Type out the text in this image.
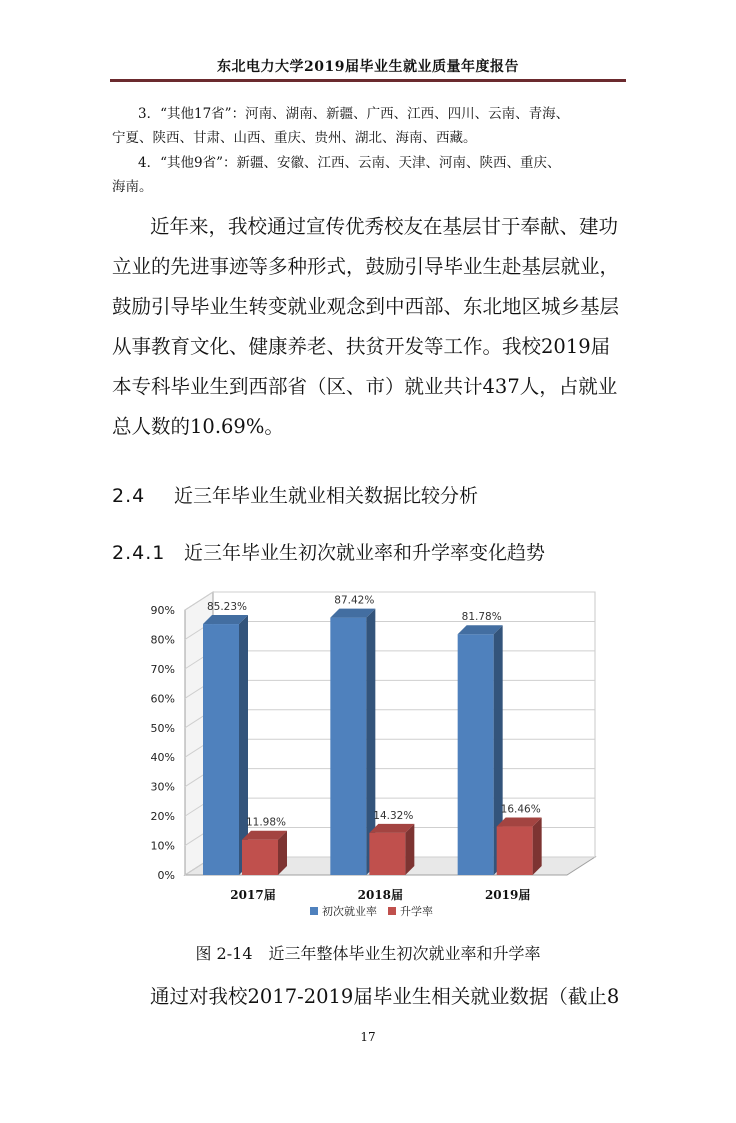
东北电力大学2019届毕业生就业质量年度报告
3．“其他17省”：河南、湖南、新疆、广西、江西、四川、云南、青海、
宁夏、陕西、甘肃、山西、重庆、贵州、湖北、海南、西藏。
4．“其他9省”：新疆、安徽、江西、云南、天津、河南、陕西、重庆、
海南。
近年来，我校通过宣传优秀校友在基层甘于奉献、建功
立业的先进事迹等多种形式，鼓励引导毕业生赴基层就业，
鼓励引导毕业生转变就业观念到中西部、东北地区城乡基层
从事教育文化、健康养老、扶贫开发等工作。我校2019届
本专科毕业生到西部省（区、市）就业共计437人，占就业
总人数的10.69%。
2.4 近三年毕业生就业相关数据比较分析
2.4.1 近三年毕业生初次就业率和升学率变化趋势
0%
10%
20%
30%
40%
50%
60%
70%
80%
90%	85.23%
11.98%
2017届
87.42%
14.32%
2018届
81.78%
16.46%
2019届
初次就业率 升学率
图 2-14　近三年整体毕业生初次就业率和升学率
通过对我校2017-2019届毕业生相关就业数据（截止8
17
